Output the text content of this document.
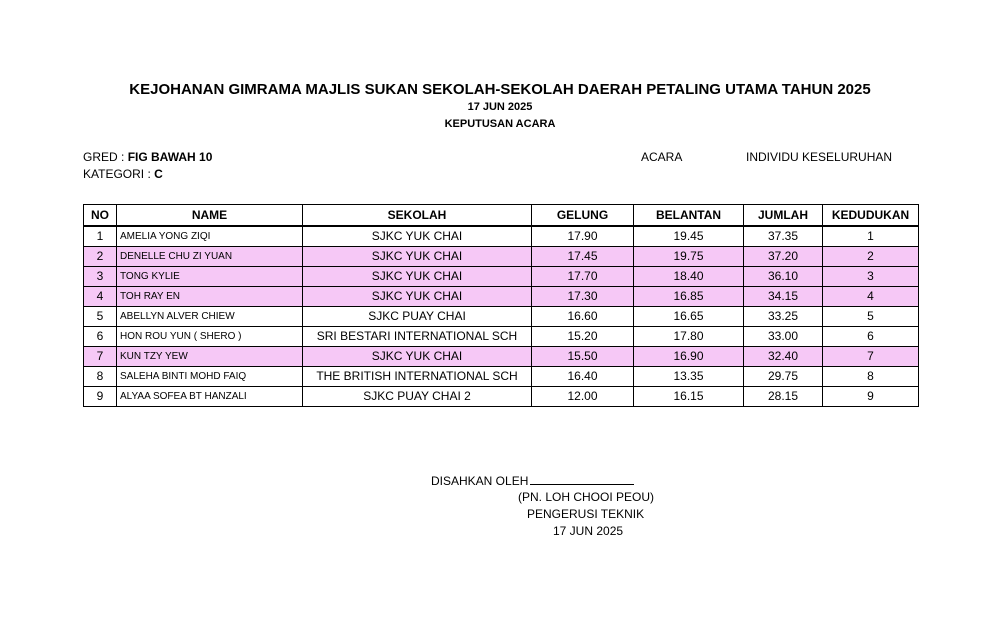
KEJOHANAN GIMRAMA MAJLIS SUKAN SEKOLAH-SEKOLAH DAERAH PETALING UTAMA TAHUN 2025
17 JUN 2025
KEPUTUSAN ACARA
GRED : FIG BAWAH 10
KATEGORI : C
ACARA	INDIVIDU KESELURUHAN
NO	NAME	SEKOLAH	GELUNG	BELANTAN	JUMLAH	KEDUDUKAN
1	AMELIA YONG ZIQI	SJKC YUK CHAI	17.90	19.45	37.35	1
2	DENELLE CHU ZI YUAN	SJKC YUK CHAI	17.45	19.75	37.20	2
3	TONG KYLIE	SJKC YUK CHAI	17.70	18.40	36.10	3
4	TOH RAY EN	SJKC YUK CHAI	17.30	16.85	34.15	4
5	ABELLYN ALVER CHIEW	SJKC PUAY CHAI	16.60	16.65	33.25	5
6	HON ROU YUN ( SHERO )	SRI BESTARI INTERNATIONAL SCH	15.20	17.80	33.00	6
7	KUN TZY YEW	SJKC YUK CHAI	15.50	16.90	32.40	7
8	SALEHA BINTI MOHD FAIQ	THE BRITISH INTERNATIONAL SCH	16.40	13.35	29.75	8
9	ALYAA SOFEA BT HANZALI	SJKC PUAY CHAI 2	12.00	16.15	28.15	9
DISAHKAN OLEH
(PN. LOH CHOOI PEOU)
PENGERUSI TEKNIK
17 JUN 2025
